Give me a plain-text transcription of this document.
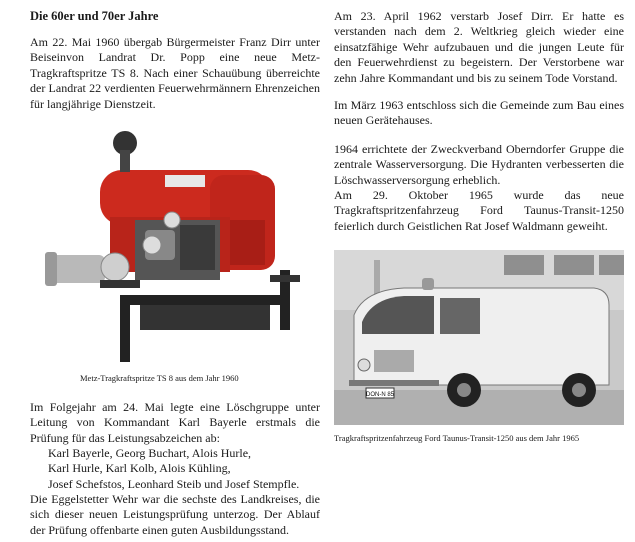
Die 60er und 70er Jahre

Am 22. Mai 1960 übergab Bürgermeister Franz Dirr unter Beiseinvon Landrat Dr. Popp eine neue Metz-Tragkraftspritze TS 8. Nach einer Schauübung überreichte der Landrat 22 verdienten Feuerwehrmännern Ehrenzeichen für langjährige Dienstzeit.

Metz-Tragkraftspritze TS 8 aus dem Jahr 1960

Im Folgejahr am 24. Mai legte eine Löschgruppe unter Leitung von Kommandant Karl Bayerle erstmals die Prüfung für das Leistungsabzeichen ab:

Karl Bayerle, Georg Buchart, Alois Hurle,
Karl Hurle, Karl Kolb, Alois Kühling,
Josef Schefstos, Leonhard Steib und Josef Stempfle.

Die Eggelstetter Wehr war die sechste des Landkreises, die sich dieser neuen Leistungsprüfung unterzog. Der Ablauf der Prüfung offenbarte einen guten Ausbildungsstand.

Am 23. April 1962 verstarb Josef Dirr. Er hatte es verstanden nach dem 2. Weltkrieg gleich wieder eine einsatzfähige Wehr aufzubauen und die jungen Leute für den Feuerwehrdienst zu begeistern. Der Verstorbene war zehn Jahre Kommandant und bis zu seinem Tode Vorstand.

Im März 1963 entschloss sich die Gemeinde zum Bau eines neuen Gerätehauses.

1964 errichtete der Zweckverband Oberndorfer Gruppe die zentrale Wasserversorgung. Die Hydranten verbesserten die Löschwasserversorgung erheblich.

Am 29. Oktober 1965 wurde das neue Tragkraftspritzenfahrzeug Ford Taunus-Transit-1250 feierlich durch Geistlichen Rat Josef Waldmann geweiht.

DON-N 85
Tragkraftspritzenfahrzeug Ford Taunus-Transit-1250 aus dem Jahr 1965
